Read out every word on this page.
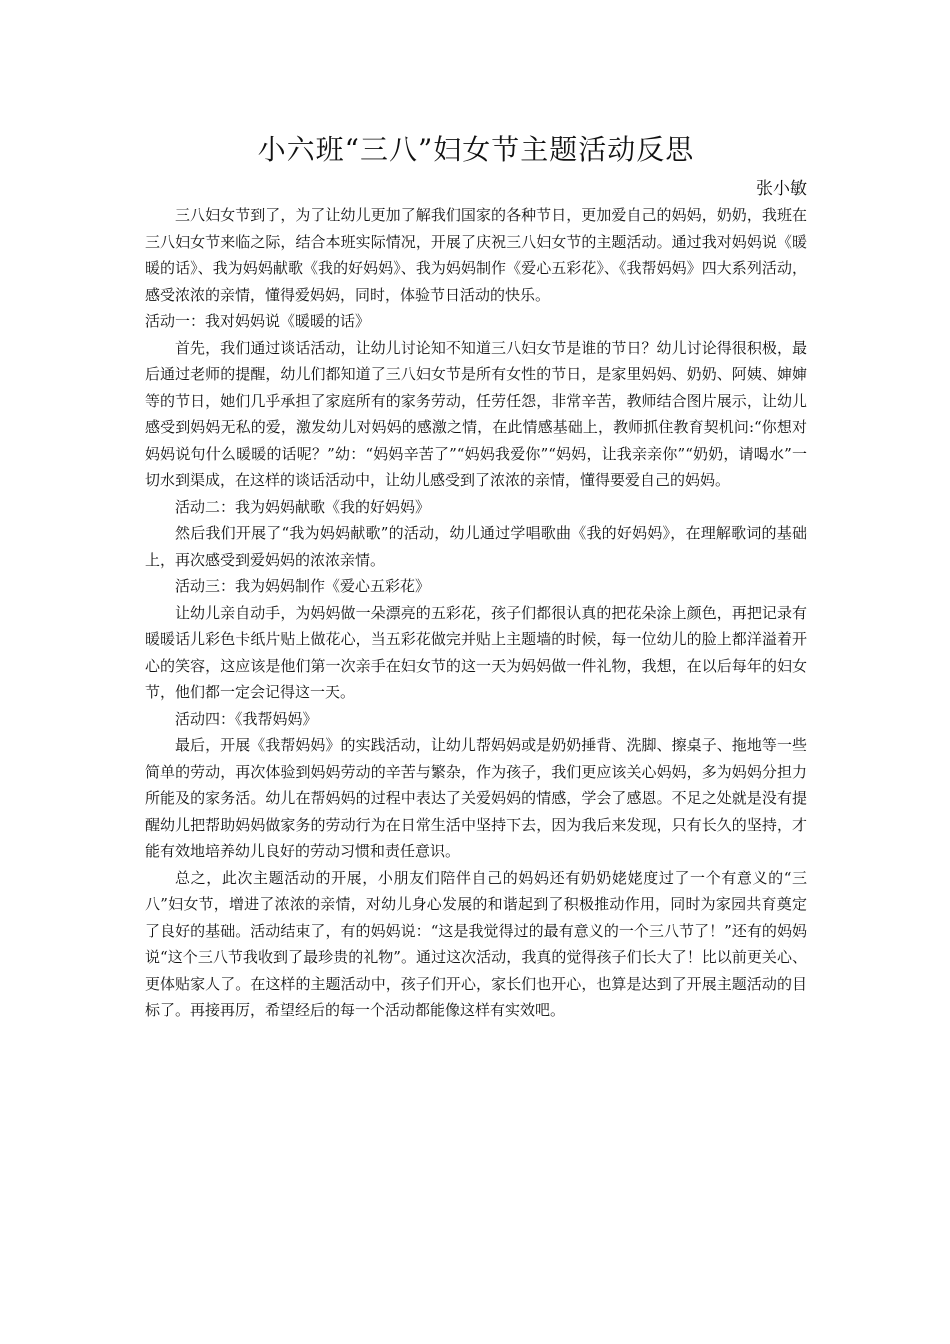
小六班“三八”妇女节主题活动反思

张小敏

三八妇女节到了，为了让幼儿更加了解我们国家的各种节日，更加爱自己的妈妈，奶奶，我班在三八妇女节来临之际，结合本班实际情况，开展了庆祝三八妇女节的主题活动。通过我对妈妈说《暖暖的话》、我为妈妈献歌《我的好妈妈》、我为妈妈制作《爱心五彩花》、《我帮妈妈》四大系列活动，感受浓浓的亲情，懂得爱妈妈，同时，体验节日活动的快乐。

活动一：我对妈妈说《暖暖的话》

首先，我们通过谈话活动，让幼儿讨论知不知道三八妇女节是谁的节日？幼儿讨论得很积极，最后通过老师的提醒，幼儿们都知道了三八妇女节是所有女性的节日，是家里妈妈、奶奶、阿姨、婶婶等的节日，她们几乎承担了家庭所有的家务劳动，任劳任怨，非常辛苦，教师结合图片展示，让幼儿感受到妈妈无私的爱，激发幼儿对妈妈的感激之情，在此情感基础上，教师抓住教育契机问:“你想对妈妈说句什么暖暖的话呢？”幼：“妈妈辛苦了”“妈妈我爱你”“妈妈，让我亲亲你”“奶奶，请喝水”一切水到渠成，在这样的谈话活动中，让幼儿感受到了浓浓的亲情，懂得要爱自己的妈妈。

活动二：我为妈妈献歌《我的好妈妈》

然后我们开展了“我为妈妈献歌”的活动，幼儿通过学唱歌曲《我的好妈妈》，在理解歌词的基础上，再次感受到爱妈妈的浓浓亲情。

活动三：我为妈妈制作《爱心五彩花》

让幼儿亲自动手，为妈妈做一朵漂亮的五彩花，孩子们都很认真的把花朵涂上颜色，再把记录有暖暖话儿彩色卡纸片贴上做花心，当五彩花做完并贴上主题墙的时候，每一位幼儿的脸上都洋溢着开心的笑容，这应该是他们第一次亲手在妇女节的这一天为妈妈做一件礼物，我想，在以后每年的妇女节，他们都一定会记得这一天。

活动四：《我帮妈妈》

最后，开展《我帮妈妈》的实践活动，让幼儿帮妈妈或是奶奶捶背、洗脚、擦桌子、拖地等一些简单的劳动，再次体验到妈妈劳动的辛苦与繁杂，作为孩子，我们更应该关心妈妈，多为妈妈分担力所能及的家务活。幼儿在帮妈妈的过程中表达了关爱妈妈的情感，学会了感恩。不足之处就是没有提醒幼儿把帮助妈妈做家务的劳动行为在日常生活中坚持下去，因为我后来发现，只有长久的坚持，才能有效地培养幼儿良好的劳动习惯和责任意识。

总之，此次主题活动的开展，小朋友们陪伴自己的妈妈还有奶奶姥姥度过了一个有意义的“三八”妇女节，增进了浓浓的亲情，对幼儿身心发展的和谐起到了积极推动作用，同时为家园共育奠定了良好的基础。活动结束了，有的妈妈说：“这是我觉得过的最有意义的一个三八节了！”还有的妈妈说“这个三八节我收到了最珍贵的礼物”。通过这次活动，我真的觉得孩子们长大了！比以前更关心、更体贴家人了。在这样的主题活动中，孩子们开心，家长们也开心，也算是达到了开展主题活动的目标了。再接再厉，希望经后的每一个活动都能像这样有实效吧。
